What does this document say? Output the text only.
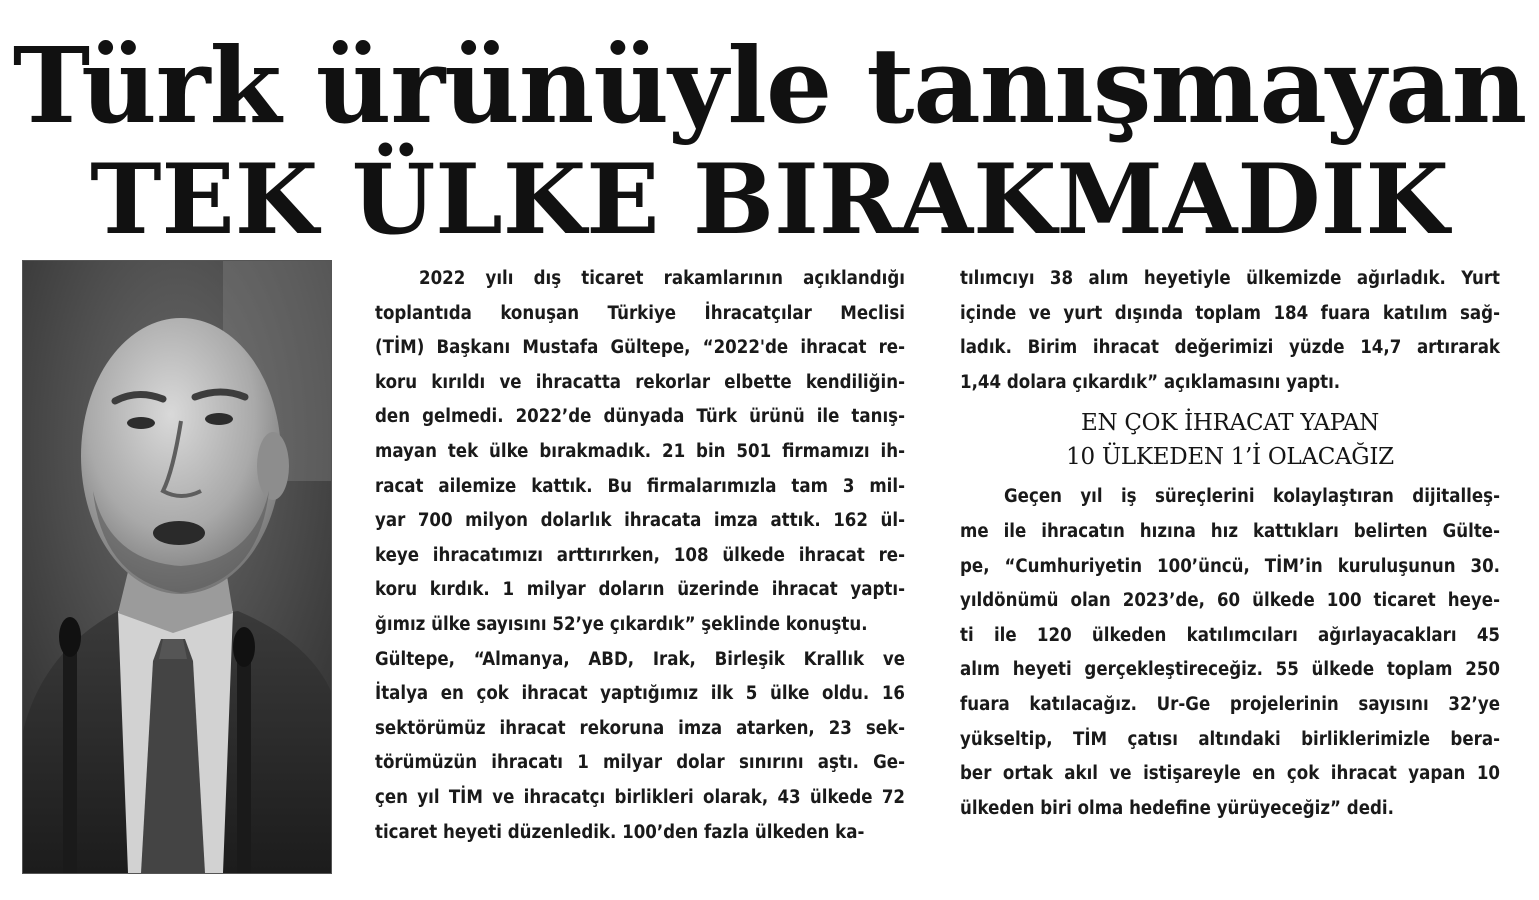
Türk ürünüyle tanışmayan
TEK ÜLKE BIRAKMADIK
2022 yılı dış ticaret rakamlarının açıklandığı
toplantıda konuşan Türkiye İhracatçılar Meclisi
(TİM) Başkanı Mustafa Gültepe, “2022'de ihracat re-
koru kırıldı ve ihracatta rekorlar elbette kendiliğin-
den gelmedi. 2022’de dünyada Türk ürünü ile tanış-
mayan tek ülke bırakmadık. 21 bin 501 firmamızı ih-
racat ailemize kattık. Bu firmalarımızla tam 3 mil-
yar 700 milyon dolarlık ihracata imza attık. 162 ül-
keye ihracatımızı arttırırken, 108 ülkede ihracat re-
koru kırdık. 1 milyar doların üzerinde ihracat yaptı-
ğımız ülke sayısını 52’ye çıkardık” şeklinde konuştu.
Gültepe, “Almanya, ABD, Irak, Birleşik Krallık ve
İtalya en çok ihracat yaptığımız ilk 5 ülke oldu. 16
sektörümüz ihracat rekoruna imza atarken, 23 sek-
törümüzün ihracatı 1 milyar dolar sınırını aştı. Ge-
çen yıl TİM ve ihracatçı birlikleri olarak, 43 ülkede 72
ticaret heyeti düzenledik. 100’den fazla ülkeden ka-
tılımcıyı 38 alım heyetiyle ülkemizde ağırladık. Yurt
içinde ve yurt dışında toplam 184 fuara katılım sağ-
ladık. Birim ihracat değerimizi yüzde 14,7 artırarak
1,44 dolara çıkardık” açıklamasını yaptı.
EN ÇOK İHRACAT YAPAN
10 ÜLKEDEN 1’İ OLACAĞIZ
Geçen yıl iş süreçlerini kolaylaştıran dijitalleş-
me ile ihracatın hızına hız kattıkları belirten Gülte-
pe, “Cumhuriyetin 100’üncü, TİM’in kuruluşunun 30.
yıldönümü olan 2023’de, 60 ülkede 100 ticaret heye-
ti ile 120 ülkeden katılımcıları ağırlayacakları 45
alım heyeti gerçekleştireceğiz. 55 ülkede toplam 250
fuara katılacağız. Ur-Ge projelerinin sayısını 32’ye
yükseltip, TİM çatısı altındaki birliklerimizle bera-
ber ortak akıl ve istişareyle en çok ihracat yapan 10
ülkeden biri olma hedefine yürüyeceğiz” dedi.
